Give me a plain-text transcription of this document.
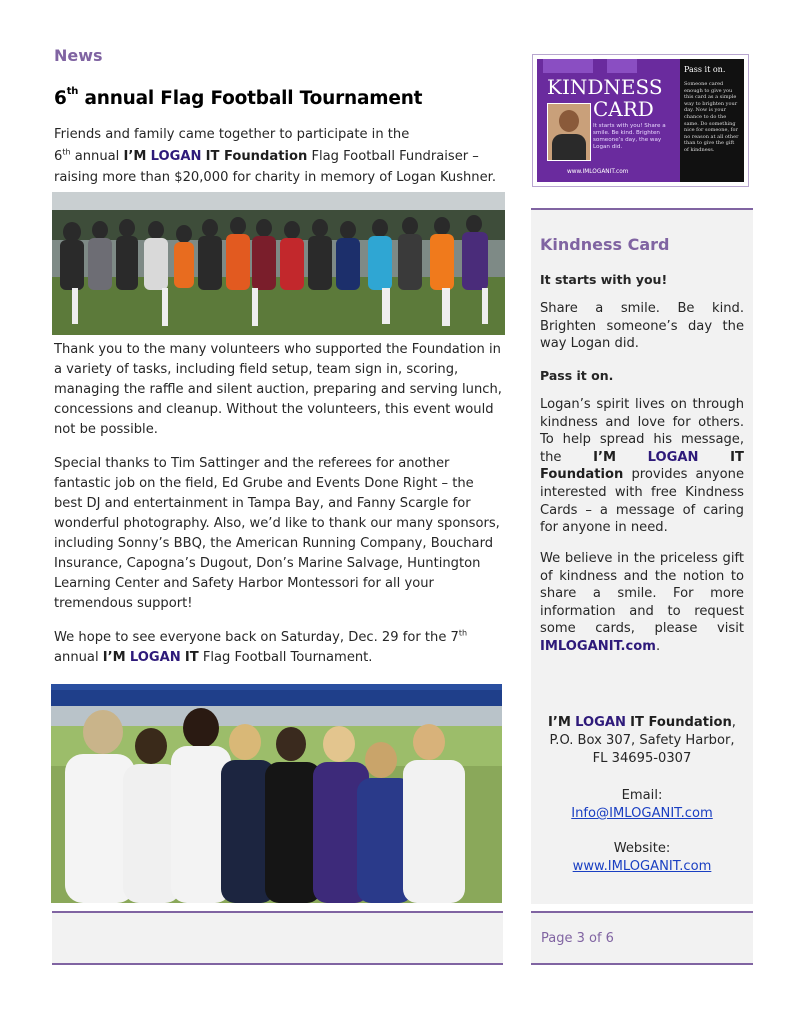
News
6th annual Flag Football Tournament
Friends and family came together to participate in the
6th annual I’M LOGAN IT Foundation Flag Football Fundraiser –
raising more than $20,000 for charity in memory of Logan Kushner.
Thank you to the many volunteers who supported the Foundation in a variety of tasks, including field setup, team sign in, scoring, managing the raffle and silent auction, preparing and serving lunch, concessions and cleanup. Without the volunteers, this event would not be possible.
Special thanks to Tim Sattinger and the referees for another fantastic job on the field, Ed Grube and Events Done Right – the best DJ and entertainment in Tampa Bay, and Fanny Scargle for wonderful photography. Also, we’d like to thank our many sponsors, including Sonny’s BBQ, the American Running Company, Bouchard Insurance, Capogna’s Dugout, Don’s Marine Salvage, Huntington Learning Center and Safety Harbor Montessori for all your tremendous support!
We hope to see everyone back on Saturday, Dec. 29 for the 7th
annual I’M LOGAN IT Flag Football Tournament.
KINDNESS
CARD
It starts with you! Share a smile. Be kind. Brighten someone’s day, the way Logan did.
www.IMLOGANIT.com
Pass it on.
Someone cared enough to give you this card as a simple way to brighten your day. Now is your chance to do the same. Do something nice for someone, for no reason at all other than to give the gift of kindness.
Kindness Card
It starts with you!
Share a smile. Be kind. Brighten someone’s day the way Logan did.
Pass it on.
Logan’s spirit lives on through kindness and love for others. To help spread his message, the I’M LOGAN IT Foundation provides anyone interested with free Kindness Cards – a message of caring for anyone in need.
We believe in the priceless gift of kindness and the notion to share a smile. For more information and to request some cards, please visit IMLOGANIT.com.
I’M LOGAN IT Foundation,
P.O. Box 307, Safety Harbor,
FL 34695-0307
Email:
Info@IMLOGANIT.com
Website:
www.IMLOGANIT.com
Page 3 of 6
